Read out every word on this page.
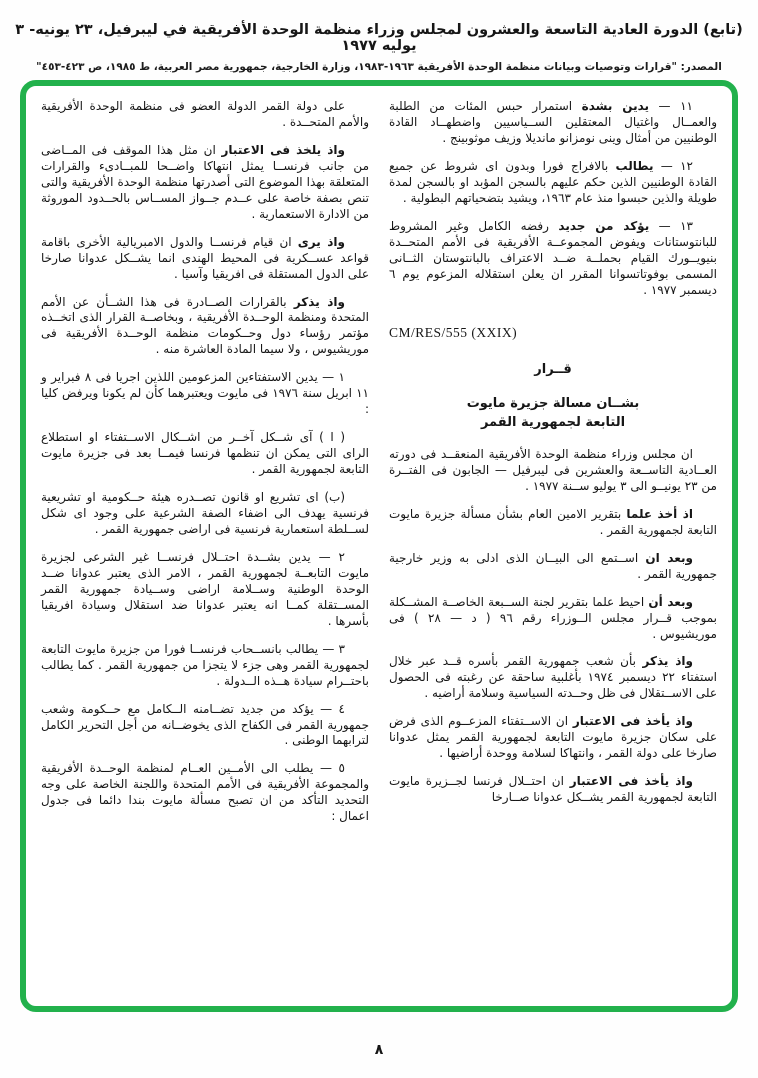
(تابع) الدورة العادية التاسعة والعشرون لمجلس وزراء منظمة الوحدة الأفريقية في ليبرفيل، ٢٣ يونيه- ٣ يوليه ١٩٧٧
المصدر: "قرارات وتوصيات وبيانات منظمة الوحدة الأفريقية ١٩٦٣-١٩٨٣، وزارة الخارجية، جمهورية مصر العربية، ط ١٩٨٥، ص ٤٢٣-٤٥٣"

١١ — يدين بشدة استمرار حبس المئات من الطلبة والعمــال واغتيال المعتقلين الســياسيين واضطهــاد القادة الوطنيين من أمثال وينى نومزانو مانديلا وزيف موثوبينج .

١٢ — يطالب بالافراج فورا وبدون اى شروط عن جميع القادة الوطنيين الذين حكم عليهم بالسجن المؤبد او بالسجن لمدة طويلة والذين حبسوا منذ عام ١٩٦٣، ويشيد بتضحياتهم البطولية .

١٣ — يؤكد من جديد رفضه الكامل وغير المشروط للبانتوستانات ويفوض المجموعــة الأفريقية فى الأمم المتحــدة بنيويــورك القيام بحملــة ضــد الاعتراف بالبانتوستان الثــانى المسمى بوفوتاتسوانا المقرر ان يعلن استقلاله المزعوم يوم ٦ ديسمبر ١٩٧٧ .

CM/RES/555 (XXIX)

قــرار

بشــان مسالة جزيرة مايوت
التابعة لجمهورية القمر

ان مجلس وزراء منظمة الوحدة الأفريقية المنعقــد فى دورته العــادية التاســعة والعشرين فى ليبرفيل — الجابون فى الفتــرة من ٢٣ يونيــو الى ٣ يوليو ســنة ١٩٧٧ .

اذ أخذ علما بتقرير الامين العام بشأن مسألة جزيرة مايوت التابعة لجمهورية القمر .

وبعد ان اســتمع الى البيــان الذى ادلى به وزير خارجية جمهورية القمر .

وبعد أن احيط علما بتقرير لجنة الســبعة الخاصــة المشــكلة بموجب قــرار مجلس الــوزراء رقم ٩٦ ( د — ٢٨ ) فى موريشيوس .

واذ يذكر بأن شعب جمهورية القمر بأسره قــد عبر خلال استفتاء ٢٢ ديسمبر ١٩٧٤ بأغلبية ساحقة عن رغبته فى الحصول على الاســتقلال فى ظل وحــدته السياسية وسلامة أراضيه .

واذ يأخذ فى الاعتبار ان الاســتفتاء المزعــوم الذى فرض على سكان جزيرة مايوت التابعة لجمهورية القمر يمثل عدوانا صارخا على دولة القمر ، وانتهاكا لسلامة ووحدة أراضيها .

واذ يأخذ فى الاعتبار ان احتــلال فرنسا لجــزيرة مايوت التابعة لجمهورية القمر يشــكل عدوانا صــارخا

على دولة القمر الدولة العضو فى منظمة الوحدة الأفريقية والأمم المتحــدة .

واذ يلخذ فى الاعتبار ان مثل هذا الموقف فى المــاضى من جانب فرنســا يمثل انتهاكا واضــحا للمبــادىء والقرارات المتعلقة بهذا الموضوع التى أصدرتها منظمة الوحدة الأفريقية والتى تنص بصفة خاصة على عــدم جــواز المســاس بالحــدود الموروثة من الادارة الاستعمارية .

واذ يرى ان قيام فرنســا والدول الامبريالية الأخرى باقامة قواعد عســكرية فى المحيط الهندى انما يشــكل عدوانا صارخا على الدول المستقلة فى افريقيا وآسيا .

واذ يذكر بالقرارات الصــادرة فى هذا الشــأن عن الأمم المتحدة ومنظمة الوحــدة الأفريقية ، وبخاصــة القرار الذى اتخــذه مؤتمر رؤساء دول وحــكومات منظمة الوحــدة الأفريقية فى موريشيوس ، ولا سيما المادة العاشرة منه .

١ — يدين الاستفتاءين المزعومين اللذين اجريا فى ٨ فبراير و ١١ ابريل سنة ١٩٧٦ فى مايوت ويعتبرهما كأن لم يكونا ويرفض كليا :

( ا ) آى شــكل آخــر من اشــكال الاســتفتاء او استطلاع الراى التى يمكن ان تنظمها فرنسا فيمــا بعد فى جزيرة مايوت التابعة لجمهورية القمر .

(ب) اى تشريع او قانون تصــدره هيئة حــكومية او تشريعية فرنسية يهدف الى اضفاء الصفة الشرعية على وجود اى شكل لســلطة استعمارية فرنسية فى اراضى جمهورية القمر .

٢ — يدين بشــدة احتــلال فرنســا غير الشرعى لجزيرة مايوت التابعــة لجمهورية القمر ، الامر الذى يعتبر عدوانا ضــد الوحدة الوطنية وســلامة اراضى وســيادة جمهورية القمر المســتقلة كمــا انه يعتبر عدوانا ضد استقلال وسيادة افريقيا بأسرها .

٣ — يطالب بانســحاب فرنســا فورا من جزيرة مايوت التابعة لجمهورية القمر وهى جزء لا يتجزا من جمهورية القمر . كما يطالب باحتــرام سيادة هــذه الــدولة .

٤ — يؤكد من جديد تضــامنه الــكامل مع حــكومة وشعب جمهورية القمر فى الكفاح الذى يخوضــانه من أجل التحرير الكامل لترابهما الوطنى .

٥ — يطلب الى الأمــين العــام لمنظمة الوحــدة الأفريقية والمجموعة الأفريقية فى الأمم المتحدة واللجنة الخاصة على وجه التحديد التأكد من ان تصبح مسألة مايوت بندا دائما فى جدول اعمال :

٨
